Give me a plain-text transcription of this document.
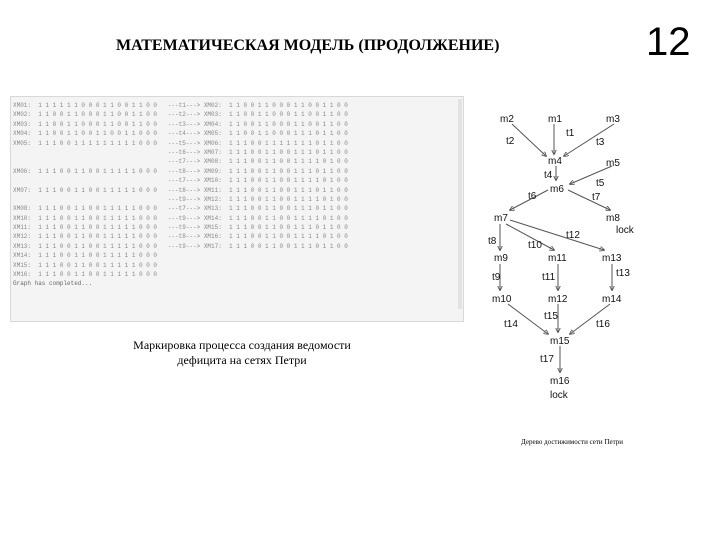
МАТЕМАТИЧЕСКАЯ МОДЕЛЬ (ПРОДОЛЖЕНИЕ)	12
XM01:  1 1 1 1 1 1 0 0 0 1 1 0 0 1 1 0 0   ---t1---> XM02:  1 1 0 0 1 1 0 0 0 1 1 0 0 1 1 0 0
XM02:  1 1 0 0 1 1 0 0 0 1 1 0 0 1 1 0 0   ---t2---> XM03:  1 1 0 0 1 1 0 0 0 1 1 0 0 1 1 0 0
XM03:  1 1 0 0 1 1 0 0 0 1 1 0 0 1 1 0 0   ---t3---> XM04:  1 1 0 0 1 1 0 0 0 1 1 0 0 1 1 0 0
XM04:  1 1 0 0 1 1 0 0 1 1 0 0 1 1 0 0 0   ---t4---> XM05:  1 1 0 0 1 1 0 0 0 1 1 1 0 1 1 0 0
XM05:  1 1 1 0 0 1 1 1 1 1 1 1 1 1 0 0 0   ---t5---> XM06:  1 1 1 0 0 1 1 1 1 1 1 1 0 1 1 0 0
---t6---> XM07:  1 1 1 0 0 1 1 0 0 1 1 1 0 1 1 0 0
---t7---> XM08:  1 1 1 0 0 1 1 0 0 1 1 1 1 0 1 0 0
XM06:  1 1 1 0 0 1 1 0 0 1 1 1 1 1 0 0 0   ---t8---> XM09:  1 1 1 0 0 1 1 0 0 1 1 1 0 1 1 0 0
---t7---> XM10:  1 1 1 0 0 1 1 0 0 1 1 1 1 0 1 0 0
XM07:  1 1 1 0 0 1 1 0 0 1 1 1 1 1 0 0 0   ---t8---> XM11:  1 1 1 0 0 1 1 0 0 1 1 1 0 1 1 0 0
---t9---> XM12:  1 1 1 0 0 1 1 0 0 1 1 1 1 0 1 0 0
XM08:  1 1 1 0 0 1 1 0 0 1 1 1 1 1 0 0 0   ---t7---> XM13:  1 1 1 0 0 1 1 0 0 1 1 1 0 1 1 0 0
XM10:  1 1 1 0 0 1 1 0 0 1 1 1 1 1 0 0 0   ---t9---> XM14:  1 1 1 0 0 1 1 0 0 1 1 1 1 0 1 0 0
XM11:  1 1 1 0 0 1 1 0 0 1 1 1 1 1 0 0 0   ---t9---> XM15:  1 1 1 0 0 1 1 0 0 1 1 1 0 1 1 0 0
XM12:  1 1 1 0 0 1 1 0 0 1 1 1 1 1 0 0 0   ---t8---> XM16:  1 1 1 0 0 1 1 0 0 1 1 1 1 0 1 0 0
XM13:  1 1 1 0 0 1 1 0 0 1 1 1 1 1 0 0 0   ---t9---> XM17:  1 1 1 0 0 1 1 0 0 1 1 1 0 1 1 0 0
XM14:  1 1 1 0 0 1 1 0 0 1 1 1 1 1 0 0 0
XM15:  1 1 1 0 0 1 1 0 0 1 1 1 1 1 0 0 0
XM16:  1 1 1 0 0 1 1 0 0 1 1 1 1 1 0 0 0
Graph has completed...
Маркировка процесса создания ведомости
дефицита на сетях Петри
m2	m1	m3
m4	m5
m6
m7	m8
lock
m9	m11	m13
m10	m12	m14
m15
m16
lock
t1
t2	t3
t4
t5
t6	t7
t8	t10
t12
t9	t11	t13
t14
t15
t16
t17
Дерево достижимости сети Петри
